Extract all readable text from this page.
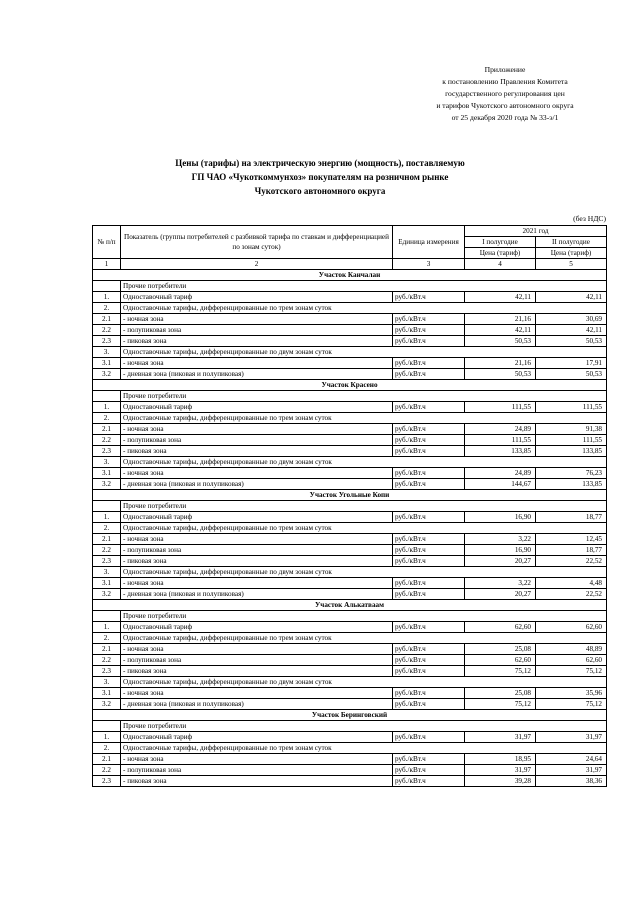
Приложение
к постановлению Правления Комитета
государственного регулирования цен
и тарифов Чукотского автономного округа
от 25 декабря 2020 года № 33-э/1
Цены (тарифы) на электрическую энергию (мощность), поставляемую
ГП ЧАО «Чукоткоммунхоз» покупателям на розничном рынке
Чукотского автономного округа
(без НДС)
№ п/п	Показатель (группы потребителей с разбивкой тарифа по ставкам и дифференциацией по зонам суток)	Единица измерения	2021 год	
			I полугодие	II полугодие
			Цена (тариф)	Цена (тариф)
1	2	3	4	5
Участок Канчалан				
	Прочие потребители			
1.	Одноставочный тариф	руб./кВт.ч	42,11	42,11
2.	Одноставочные тарифы, дифференцированные по трем зонам суток			
2.1	- ночная зона	руб./кВт.ч	21,16	30,69
2.2	- полупиковая зона	руб./кВт.ч	42,11	42,11
2.3	- пиковая зона	руб./кВт.ч	50,53	50,53
3.	Одноставочные тарифы, дифференцированные по двум зонам суток			
3.1	- ночная зона	руб./кВт.ч	21,16	17,91
3.2	- дневная зона (пиковая и полупиковая)	руб./кВт.ч	50,53	50,53
Участок Красено				
	Прочие потребители			
1.	Одноставочный тариф	руб./кВт.ч	111,55	111,55
2.	Одноставочные тарифы, дифференцированные по трем зонам суток			
2.1	- ночная зона	руб./кВт.ч	24,89	91,38
2.2	- полупиковая зона	руб./кВт.ч	111,55	111,55
2.3	- пиковая зона	руб./кВт.ч	133,85	133,85
3.	Одноставочные тарифы, дифференцированные по двум зонам суток			
3.1	- ночная зона	руб./кВт.ч	24,89	76,23
3.2	- дневная зона (пиковая и полупиковая)	руб./кВт.ч	144,67	133,85
Участок Угольные Копи				
	Прочие потребители			
1.	Одноставочный тариф	руб./кВт.ч	16,90	18,77
2.	Одноставочные тарифы, дифференцированные по трем зонам суток			
2.1	- ночная зона	руб./кВт.ч	3,22	12,45
2.2	- полупиковая зона	руб./кВт.ч	16,90	18,77
2.3	- пиковая зона	руб./кВт.ч	20,27	22,52
3.	Одноставочные тарифы, дифференцированные по двум зонам суток			
3.1	- ночная зона	руб./кВт.ч	3,22	4,48
3.2	- дневная зона (пиковая и полупиковая)	руб./кВт.ч	20,27	22,52
Участок Алькатваам				
	Прочие потребители			
1.	Одноставочный тариф	руб./кВт.ч	62,60	62,60
2.	Одноставочные тарифы, дифференцированные по трем зонам суток			
2.1	- ночная зона	руб./кВт.ч	25,08	48,89
2.2	- полупиковая зона	руб./кВт.ч	62,60	62,60
2.3	- пиковая зона	руб./кВт.ч	75,12	75,12
3.	Одноставочные тарифы, дифференцированные по двум зонам суток			
3.1	- ночная зона	руб./кВт.ч	25,08	35,96
3.2	- дневная зона (пиковая и полупиковая)	руб./кВт.ч	75,12	75,12
Участок Беринговский				
	Прочие потребители			
1.	Одноставочный тариф	руб./кВт.ч	31,97	31,97
2.	Одноставочные тарифы, дифференцированные по трем зонам суток			
2.1	- ночная зона	руб./кВт.ч	18,95	24,64
2.2	- полупиковая зона	руб./кВт.ч	31,97	31,97
2.3	- пиковая зона	руб./кВт.ч	39,28	38,36
